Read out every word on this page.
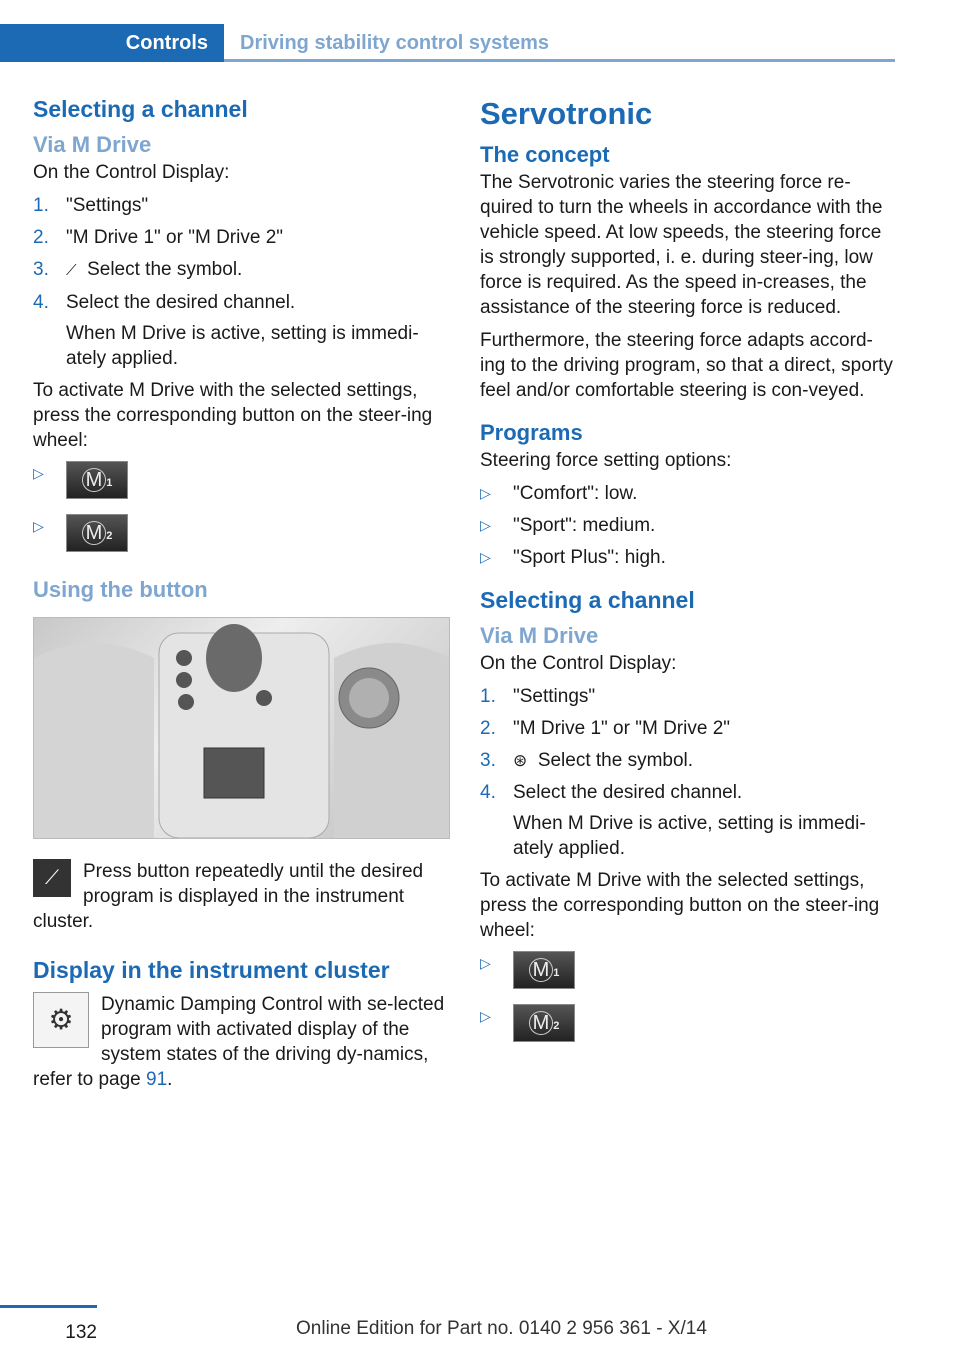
Controls	Driving stability control systems
Selecting a channel
Via M Drive

On the Control Display:

1. "Settings"
2. "M Drive 1" or "M Drive 2"
3. ⟋ Select the symbol.
4. Select the desired channel.
When M Drive is active, setting is immedi-ately applied.

To activate M Drive with the selected settings, press the corresponding button on the steer-ing wheel:

▷ M 1
▷ M 2
Using the button
⟋	Press button repeatedly until the desired program is displayed in the instrument cluster.

Display in the instrument cluster
⚙	Dynamic Damping Control with se-lected program with activated display of the system states of the driving dy-namics, refer to page 91.

Servotronic
The concept

The Servotronic varies the steering force re-quired to turn the wheels in accordance with the vehicle speed. At low speeds, the steering force is strongly supported, i. e. during steer-ing, low force is required. As the speed in-creases, the assistance of the steering force is reduced.

Furthermore, the steering force adapts accord-ing to the driving program, so that a direct, sporty feel and/or comfortable steering is con-veyed.

Programs

Steering force setting options:

▷ "Comfort": low.
▷ "Sport": medium.
▷ "Sport Plus": high.
Selecting a channel
Via M Drive

On the Control Display:

1. "Settings"
2. "M Drive 1" or "M Drive 2"
3. ⊛ Select the symbol.
4. Select the desired channel.
When M Drive is active, setting is immedi-ately applied.

To activate M Drive with the selected settings, press the corresponding button on the steer-ing wheel:

▷ M 1
▷ M 2
132	Online Edition for Part no. 0140 2 956 361 - X/14
